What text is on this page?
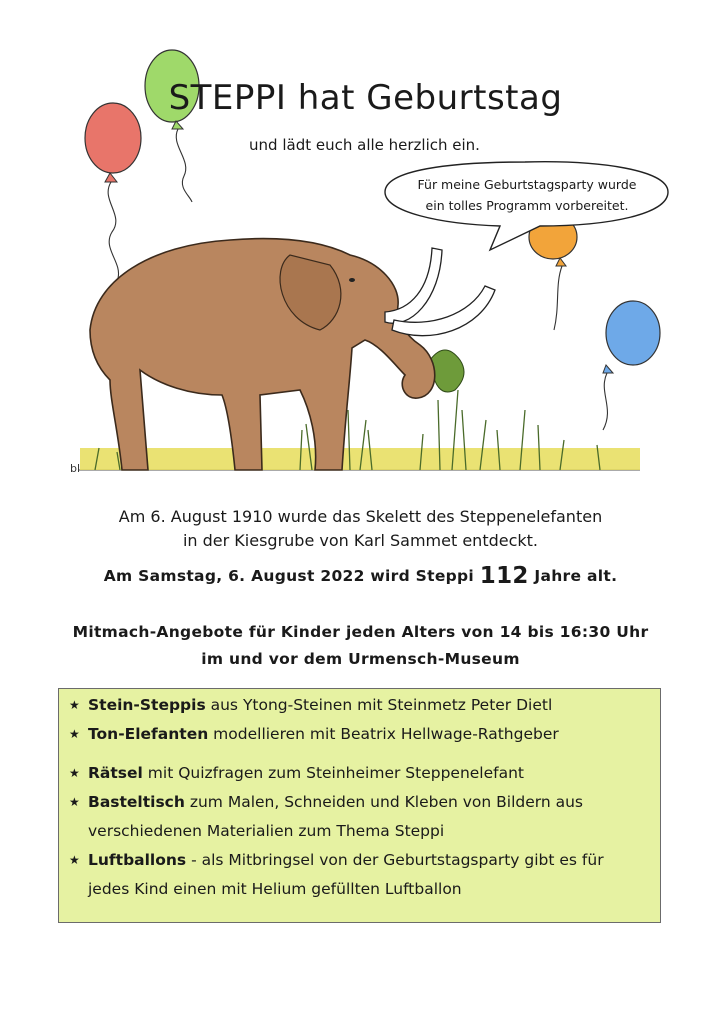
bl
STEPPI hat Geburtstag
und lädt euch alle herzlich ein.
Für meine Geburtstagsparty wurde
ein tolles Programm vorbereitet.
Am 6. August 1910 wurde das Skelett des Steppenelefanten
in der Kiesgrube von Karl Sammet entdeckt.
Am Samstag, 6. August 2022 wird Steppi 112 Jahre alt.
Mitmach-Angebote für Kinder jeden Alters von 14 bis 16:30 Uhr
im und vor dem Urmensch-Museum
★ Stein-Steppis aus Ytong-Steinen mit Steinmetz Peter Dietl
★ Ton-Elefanten modellieren mit Beatrix Hellwage-Rathgeber
★ Rätsel mit Quizfragen zum Steinheimer Steppenelefant
★ Basteltisch zum Malen, Schneiden und Kleben von Bildern aus
verschiedenen Materialien zum Thema Steppi
★ Luftballons - als Mitbringsel von der Geburtstagsparty gibt es für
jedes Kind einen mit Helium gefüllten Luftballon
